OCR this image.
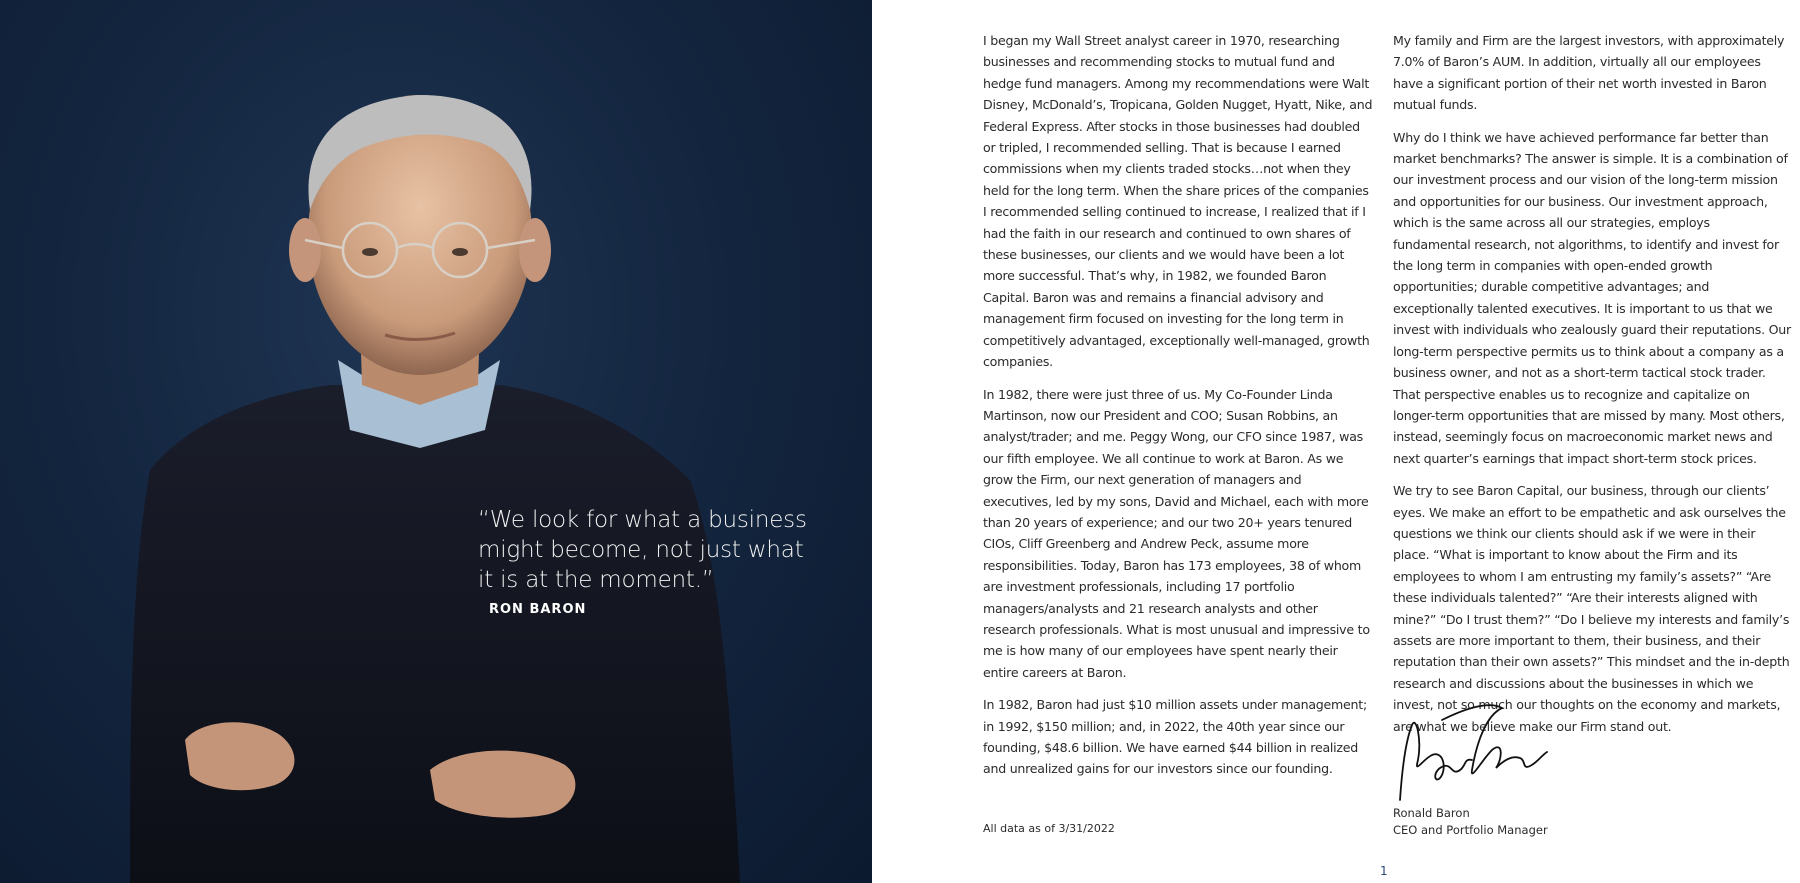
“We look for what a business might become, not just what it is at the moment.”
RON BARON

I began my Wall Street analyst career in 1970, researching businesses and recommending stocks to mutual fund and hedge fund managers. Among my recommendations were Walt Disney, McDonald’s, Tropicana, Golden Nugget, Hyatt, Nike, and Federal Express. After stocks in those businesses had doubled or tripled, I recommended selling. That is because I earned commissions when my clients traded stocks…not when they held for the long term. When the share prices of the companies I recommended selling continued to increase, I realized that if I had the faith in our research and continued to own shares of these businesses, our clients and we would have been a lot more successful. That’s why, in 1982, we founded Baron Capital. Baron was and remains a financial advisory and management firm focused on investing for the long term in competitively advantaged, exceptionally well-managed, growth companies.

In 1982, there were just three of us. My Co-Founder Linda Martinson, now our President and COO; Susan Robbins, an analyst/trader; and me. Peggy Wong, our CFO since 1987, was our fifth employee. We all continue to work at Baron. As we grow the Firm, our next generation of managers and executives, led by my sons, David and Michael, each with more than 20 years of experience; and our two 20+ years tenured CIOs, Cliff Greenberg and Andrew Peck, assume more responsibilities. Today, Baron has 173 employees, 38 of whom are investment professionals, including 17 portfolio managers/analysts and 21 research analysts and other research professionals. What is most unusual and impressive to me is how many of our employees have spent nearly their entire careers at Baron.

In 1982, Baron had just $10 million assets under management; in 1992, $150 million; and, in 2022, the 40th year since our founding, $48.6 billion. We have earned $44 billion in realized and unrealized gains for our investors since our founding.

My family and Firm are the largest investors, with approximately 7.0% of Baron’s AUM. In addition, virtually all our employees have a significant portion of their net worth invested in Baron mutual funds.

Why do I think we have achieved performance far better than market benchmarks? The answer is simple. It is a combination of our investment process and our vision of the long-term mission and opportunities for our business. Our investment approach, which is the same across all our strategies, employs fundamental research, not algorithms, to identify and invest for the long term in companies with open-ended growth opportunities; durable competitive advantages; and exceptionally talented executives. It is important to us that we invest with individuals who zealously guard their reputations. Our long-term perspective permits us to think about a company as a business owner, and not as a short-term tactical stock trader. That perspective enables us to recognize and capitalize on longer-term opportunities that are missed by many. Most others, instead, seemingly focus on macroeconomic market news and next quarter’s earnings that impact short-term stock prices.

We try to see Baron Capital, our business, through our clients’ eyes. We make an effort to be empathetic and ask ourselves the questions we think our clients should ask if we were in their place. “What is important to know about the Firm and its employees to whom I am entrusting my family’s assets?” “Are these individuals talented?” “Are their interests aligned with mine?” “Do I trust them?” “Do I believe my interests and family’s assets are more important to them, their business, and their reputation than their own assets?” This mindset and the in-depth research and discussions about the businesses in which we invest, not so much our thoughts on the economy and markets, are what we believe make our Firm stand out.

All data as of 3/31/2022
Ronald Baron
CEO and Portfolio Manager
1
